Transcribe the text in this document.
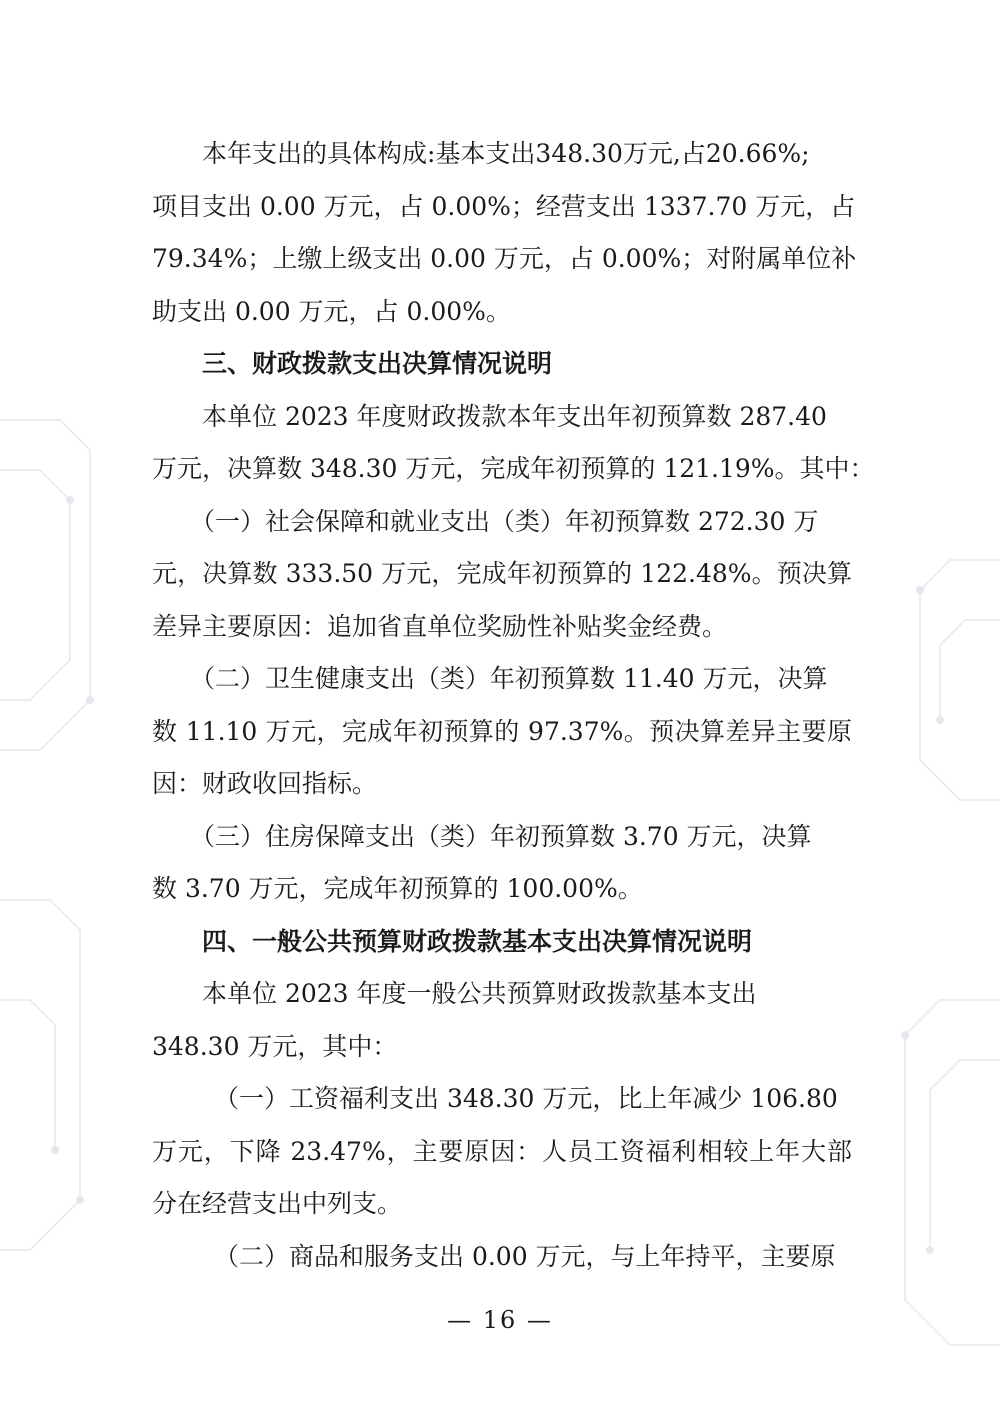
本年支出的具体构成:基本支出348.30万元,占20.66%;
项目支出 0.00 万元，占 0.00%；经营支出 1337.70 万元，占
79.34%；上缴上级支出 0.00 万元，占 0.00%；对附属单位补
助支出 0.00 万元，占 0.00%。
三、财政拨款支出决算情况说明
本单位 2023 年度财政拨款本年支出年初预算数 287.40
万元，决算数 348.30 万元，完成年初预算的 121.19%。其中：
（一）社会保障和就业支出（类）年初预算数 272.30 万
元，决算数 333.50 万元，完成年初预算的 122.48%。预决算
差异主要原因：追加省直单位奖励性补贴奖金经费。
（二）卫生健康支出（类）年初预算数 11.40 万元，决算
数 11.10 万元，完成年初预算的 97.37%。预决算差异主要原
因：财政收回指标。
（三）住房保障支出（类）年初预算数 3.70 万元，决算
数 3.70 万元，完成年初预算的 100.00%。
四、一般公共预算财政拨款基本支出决算情况说明
本单位 2023 年度一般公共预算财政拨款基本支出
348.30 万元，其中：
（一）工资福利支出 348.30 万元，比上年减少 106.80
万元，下降 23.47%，主要原因：人员工资福利相较上年大部
分在经营支出中列支。
（二）商品和服务支出 0.00 万元，与上年持平，主要原
— 16 —
